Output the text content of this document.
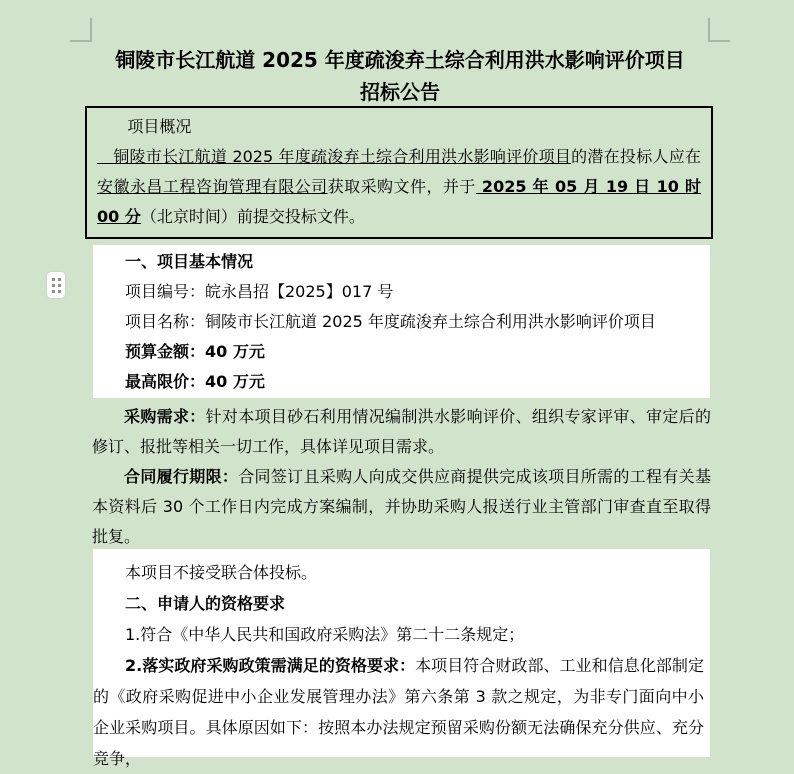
铜陵市长江航道 2025 年度疏浚弃土综合利用洪水影响评价项目
招标公告

项目概况

　铜陵市长江航道 2025 年度疏浚弃土综合利用洪水影响评价项目的潜在投标人应在安徽永昌工程咨询管理有限公司获取采购文件，并于 2025 年 05 月 19 日 10 时 00 分（北京时间）前提交投标文件。

一、项目基本情况

项目编号：皖永昌招【2025】017 号

项目名称：铜陵市长江航道 2025 年度疏浚弃土综合利用洪水影响评价项目

预算金额：40 万元

最高限价：40 万元

采购需求：针对本项目砂石利用情况编制洪水影响评价、组织专家评审、审定后的修订、报批等相关一切工作，具体详见项目需求。

合同履行期限：合同签订且采购人向成交供应商提供完成该项目所需的工程有关基本资料后 30 个工作日内完成方案编制，并协助采购人报送行业主管部门审查直至取得批复。

本项目不接受联合体投标。

二、申请人的资格要求

1.符合《中华人民共和国政府采购法》第二十二条规定；

2.落实政府采购政策需满足的资格要求：本项目符合财政部、工业和信息化部制定的《政府采购促进中小企业发展管理办法》第六条第 3 款之规定，为非专门面向中小企业采购项目。具体原因如下：按照本办法规定预留采购份额无法确保充分供应、充分竞争，
